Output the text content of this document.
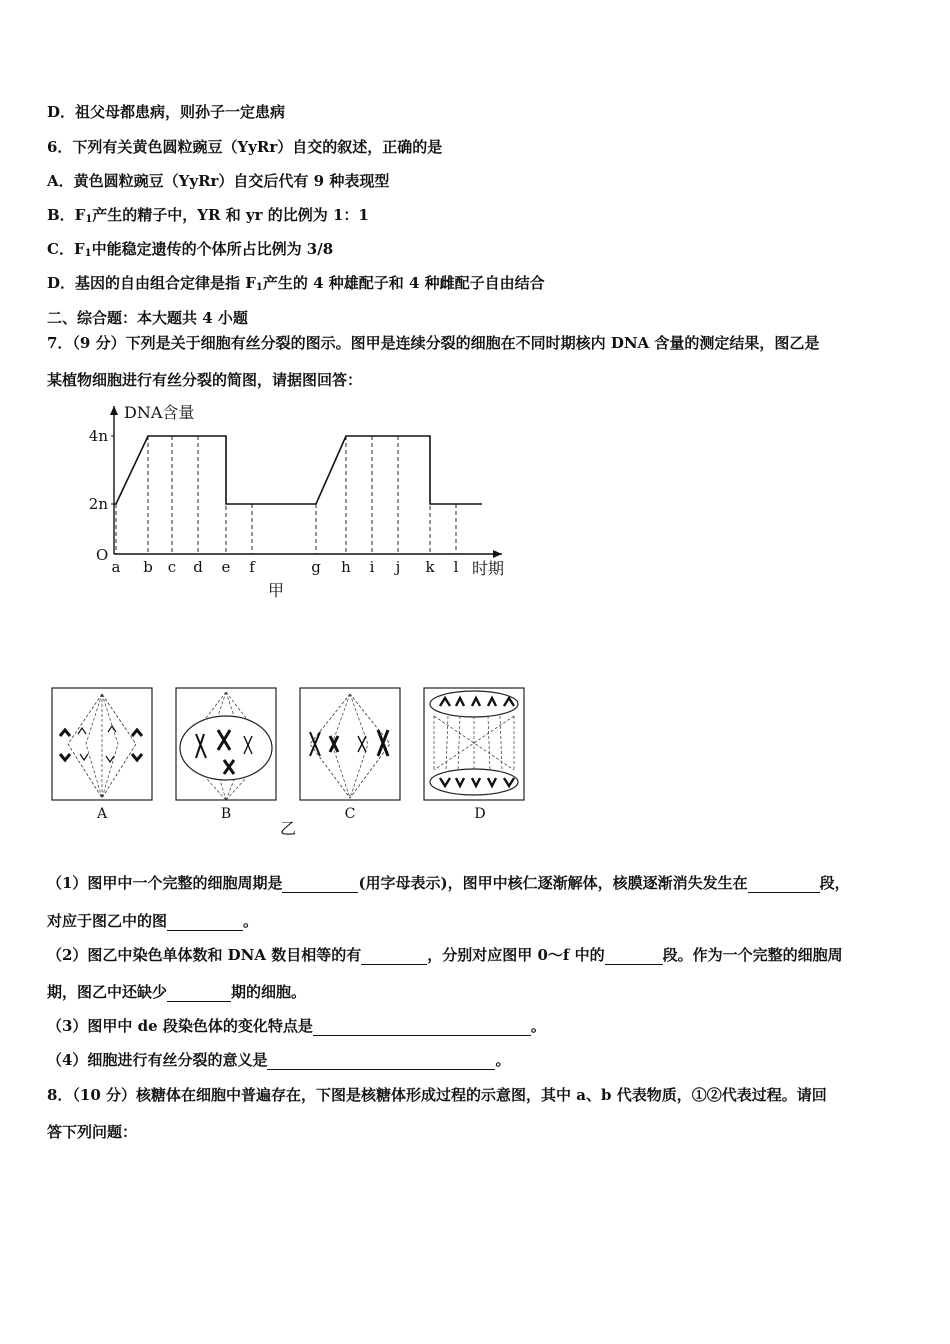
D．祖父母都患病，则孙子一定患病
6．下列有关黄色圆粒豌豆（YyRr）自交的叙述，正确的是
A．黄色圆粒豌豆（YyRr）自交后代有 9 种表现型
B．$F_1$产生的精子中，YR 和 yr 的比例为 1：1
C．$F_1$中能稳定遗传的个体所占比例为 3/8
D．基因的自由组合定律是指 $F_1$产生的 4 种雄配子和 4 种雌配子自由结合
二、综合题：本大题共 4 小题
7．（9 分）下列是关于细胞有丝分裂的图示。图甲是连续分裂的细胞在不同时期核内 DNA 含量的测定结果，图乙是
某植物细胞进行有丝分裂的简图，请据图回答：
DNA含量
4n
2n
O
a b c d e f	g h i j k l 时期
甲
A	B	C	D
乙
（1）图甲中一个完整的细胞周期是	(用字母表示)，图甲中核仁逐渐解体，核膜逐渐消失发生在	段，
对应于图乙中的图	。
（2）图乙中染色单体数和 DNA 数目相等的有	，分别对应图甲 0～f 中的	段。作为一个完整的细胞周
期，图乙中还缺少	期的细胞。
（3）图甲中 de 段染色体的变化特点是	。
（4）细胞进行有丝分裂的意义是	。
8．（10 分）核糖体在细胞中普遍存在，下图是核糖体形成过程的示意图，其中 a、b 代表物质，①②代表过程。请回
答下列问题：
